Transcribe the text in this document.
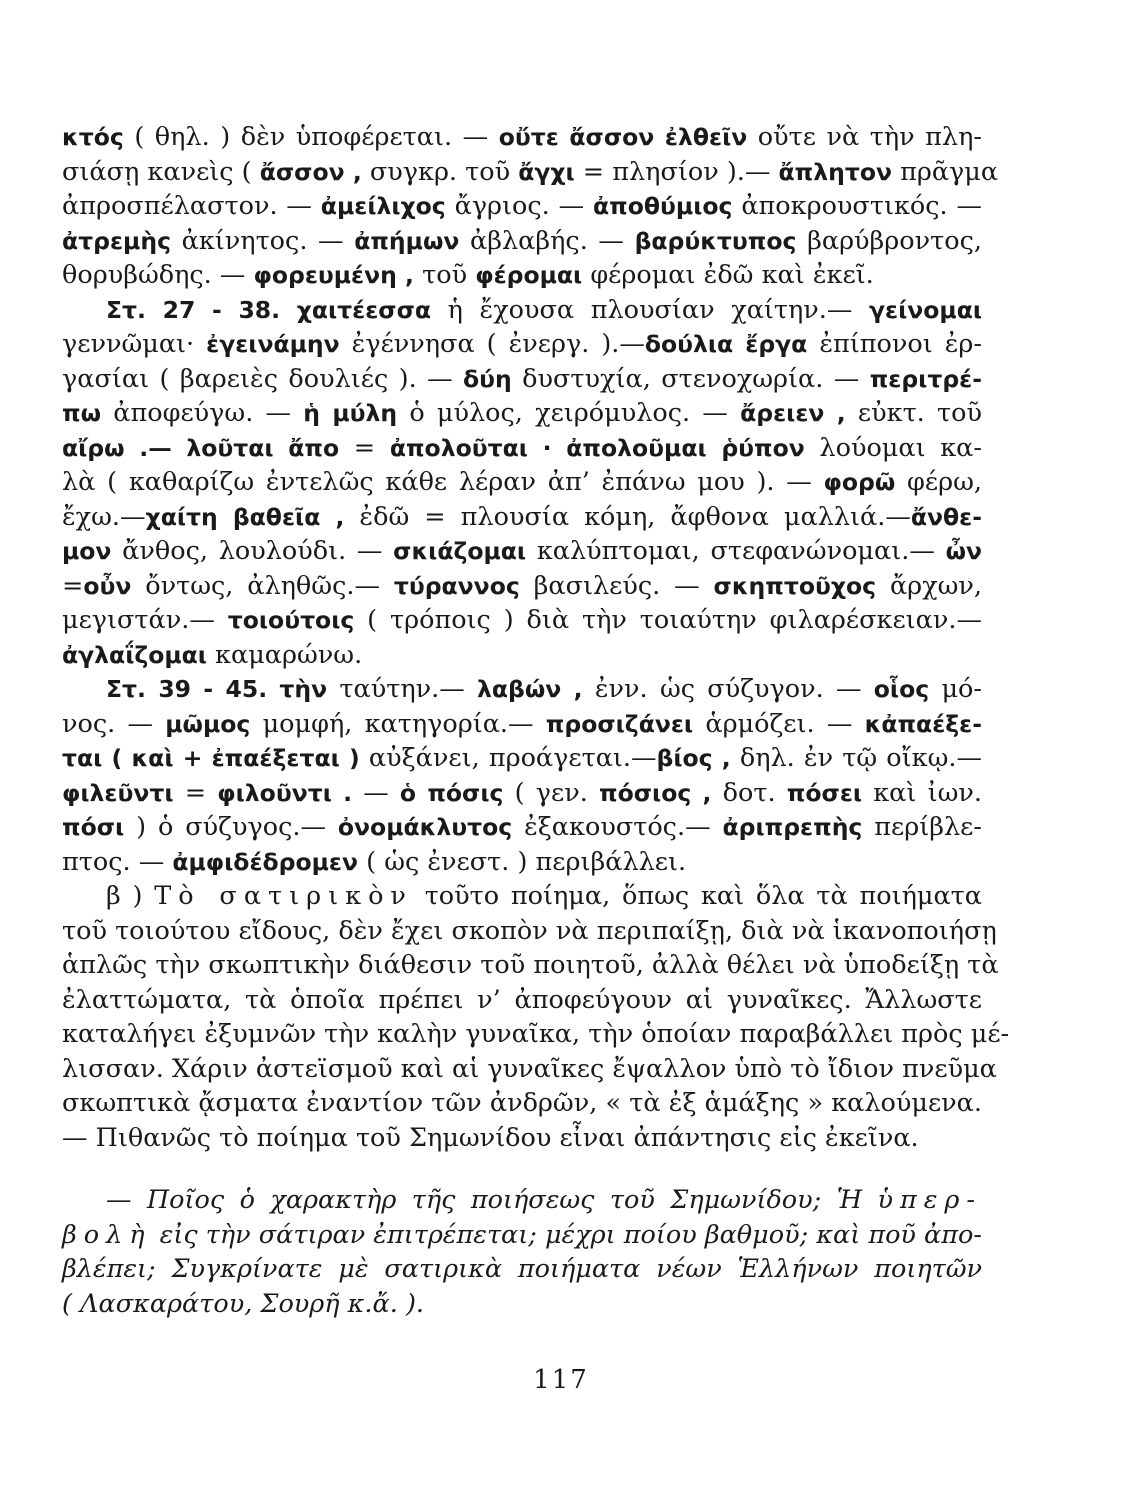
κτός ( θηλ. ) δὲν ὑποφέρεται. — οὔτε ἄσσον ἐλθεῖν οὔτε νὰ τὴν πλη-
σιάσῃ κανεὶς ( ἄσσον , συγκρ. τοῦ ἄγχι = πλησίον ).— ἄπλητον πρᾶγμα
ἀπροσπέλαστον. — ἀμείλιχος ἄγριος. — ἀποθύμιος ἀποκρουστικός. —
ἀτρεμὴς ἀκίνητος. — ἀπήμων ἀβλαβής. — βαρύκτυπος βαρύβροντος,
θορυβώδης. — φορευμένη , τοῦ φέρομαι φέρομαι ἐδῶ καὶ ἐκεῖ.
Στ. 27 - 38. χαιτέεσσα ἡ ἔχουσα πλουσίαν χαίτην.— γείνομαι
γεννῶμαι· ἐγεινάμην ἐγέννησα ( ἐνεργ. ).—δούλια ἔργα ἐπίπονοι ἐρ-
γασίαι ( βαρειὲς δουλιές ). — δύη δυστυχία, στενοχωρία. — περιτρέ-
πω ἀποφεύγω. — ἡ μύλη ὁ μύλος, χειρόμυλος. — ἄρειεν , εὐκτ. τοῦ
αἴρω .— λοῦται ἄπο = ἀπολοῦται · ἀπολοῦμαι ῥύπον λούομαι κα-
λὰ ( καθαρίζω ἐντελῶς κάθε λέραν ἀπ’ ἐπάνω μου ). — φορῶ φέρω,
ἔχω.—χαίτη βαθεῖα , ἐδῶ = πλουσία κόμη, ἄφθονα μαλλιά.—ἄνθε-
μον ἄνθος, λουλούδι. — σκιάζομαι καλύπτομαι, στεφανώνομαι.— ὦν
=οὖν ὄντως, ἀληθῶς.— τύραννος βασιλεύς. — σκηπτοῦχος ἄρχων,
μεγιστάν.— τοιούτοις ( τρόποις ) διὰ τὴν τοιαύτην φιλαρέσκειαν.—
ἀγλαΐζομαι καμαρώνω.
Στ. 39 - 45. τὴν ταύτην.— λαβών , ἐνν. ὡς σύζυγον. — οἷος μό-
νος. — μῶμος μομφή, κατηγορία.— προσιζάνει ἁρμόζει. — κἀπαέξε-
ται ( καὶ + ἐπαέξεται ) αὐξάνει, προάγεται.—βίος , δηλ. ἐν τῷ οἴκῳ.—
φιλεῦντι = φιλοῦντι . — ὁ πόσις ( γεν. πόσιος , δοτ. πόσει καὶ ἰων.
πόσι ) ὁ σύζυγος.— ὀνομάκλυτος ἐξακουστός.— ἀριπρεπὴς περίβλε-
πτος. — ἀμφιδέδρομεν ( ὡς ἐνεστ. ) περιβάλλει.
β ) Τὸ σατιρικὸν τοῦτο ποίημα, ὅπως καὶ ὅλα τὰ ποιήματα
τοῦ τοιούτου εἴδους, δὲν ἔχει σκοπὸν νὰ περιπαίξῃ, διὰ νὰ ἱκανοποιήσῃ
ἁπλῶς τὴν σκωπτικὴν διάθεσιν τοῦ ποιητοῦ, ἀλλὰ θέλει νὰ ὑποδείξῃ τὰ
ἐλαττώματα, τὰ ὁποῖα πρέπει ν’ ἀποφεύγουν αἱ γυναῖκες. Ἄλλωστε
καταλήγει ἐξυμνῶν τὴν καλὴν γυναῖκα, τὴν ὁποίαν παραβάλλει πρὸς μέ-
λισσαν. Χάριν ἀστεϊσμοῦ καὶ αἱ γυναῖκες ἔψαλλον ὑπὸ τὸ ἴδιον πνεῦμα
σκωπτικὰ ᾄσματα ἐναντίον τῶν ἀνδρῶν, « τὰ ἐξ ἁμάξης » καλούμενα.
— Πιθανῶς τὸ ποίημα τοῦ Σημωνίδου εἶναι ἀπάντησις εἰς ἐκεῖνα.
— Ποῖος ὁ χαρακτὴρ τῆς ποιήσεως τοῦ Σημωνίδου; Ἡ ὑπερ-
βολὴ εἰς τὴν σάτιραν ἐπιτρέπεται; μέχρι ποίου βαθμοῦ; καὶ ποῦ ἀπο-
βλέπει; Συγκρίνατε μὲ σατιρικὰ ποιήματα νέων Ἑλλήνων ποιητῶν
( Λασκαράτου, Σουρῆ κ.ἄ. ).
117
